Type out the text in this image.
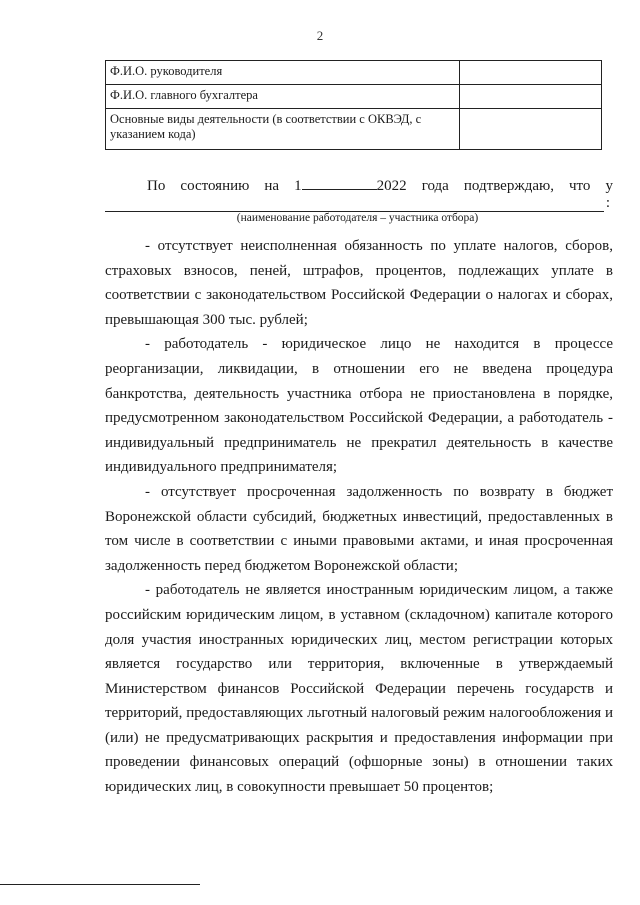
2
Ф.И.О. руководителя	
Ф.И.О. главного бухгалтера	
Основные виды деятельности (в соответствии с ОКВЭД, с указанием кода)	
По состоянию на 1	2022 года подтверждаю, что у
:
(наименование работодателя – участника отбора)

- отсутствует неисполненная обязанность по уплате налогов, сборов, страховых взносов, пеней, штрафов, процентов, подлежащих уплате в соответствии с законодательством Российской Федерации о налогах и сборах, превышающая 300 тыс. рублей;

- работодатель - юридическое лицо не находится в процессе реорганизации, ликвидации, в отношении его не введена процедура банкротства, деятельность участника отбора не приостановлена в порядке, предусмотренном законодательством Российской Федерации, а работодатель - индивидуальный предприниматель не прекратил деятельность в качестве индивидуального предпринимателя;

- отсутствует просроченная задолженность по возврату в бюджет Воронежской области субсидий, бюджетных инвестиций, предоставленных в том числе в соответствии с иными правовыми актами, и иная просроченная задолженность перед бюджетом Воронежской области;

- работодатель не является иностранным юридическим лицом, а также российским юридическим лицом, в уставном (складочном) капитале которого доля участия иностранных юридических лиц, местом регистрации которых является государство или территория, включенные в утверждаемый Министерством финансов Российской Федерации перечень государств и территорий, предоставляющих льготный налоговый режим налогообложения и (или) не предусматривающих раскрытия и предоставления информации при проведении финансовых операций (офшорные зоны) в отношении таких юридических лиц, в совокупности превышает 50 процентов;
